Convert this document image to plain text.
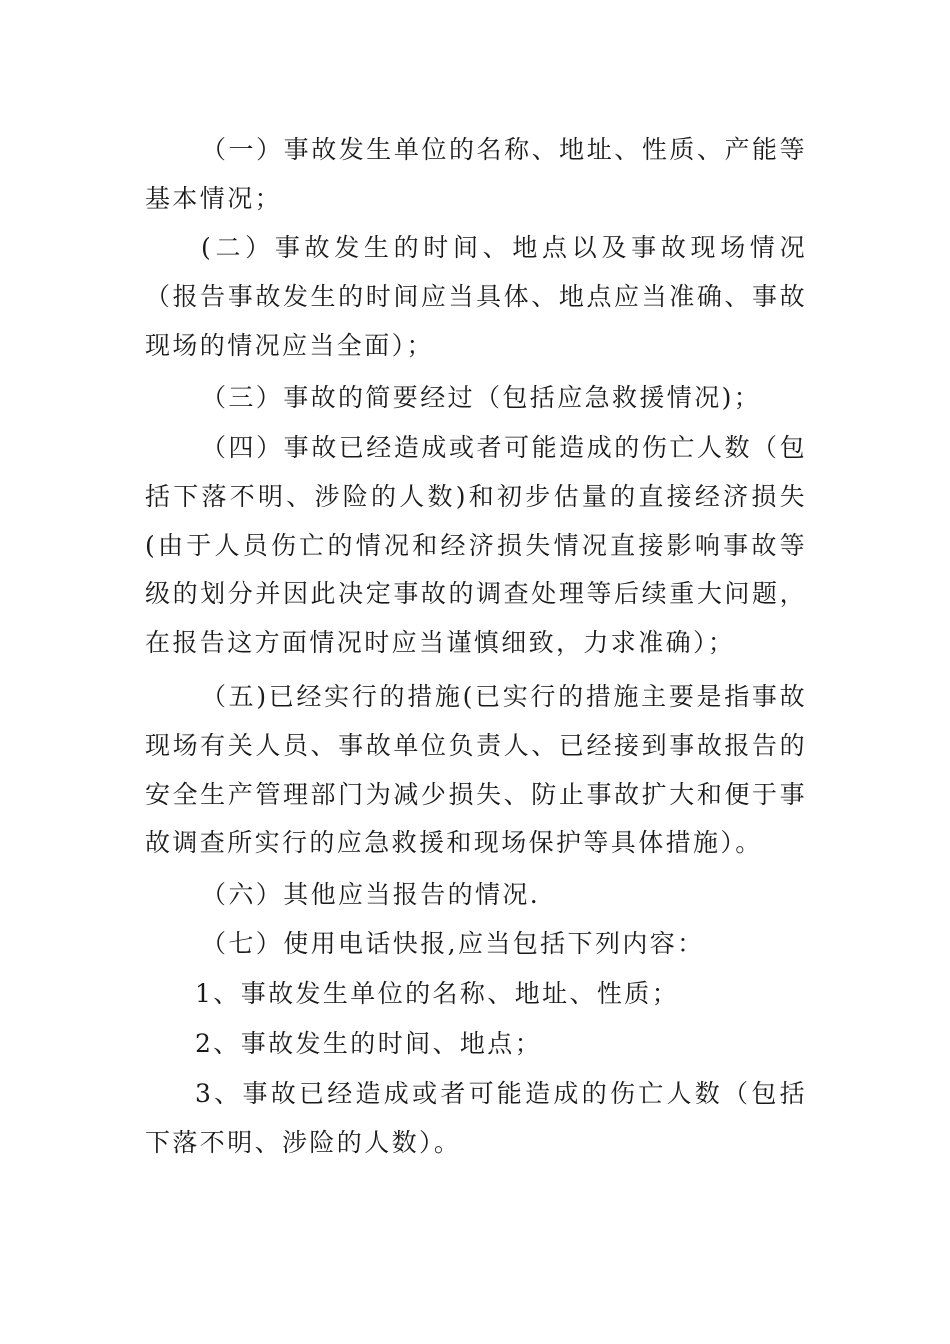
（一）事故发生单位的名称、地址、性质、产能等基本情况；

(二）事故发生的时间、地点以及事故现场情况（报告事故发生的时间应当具体、地点应当准确、事故现场的情况应当全面）；

（三）事故的简要经过（包括应急救援情况)；

（四）事故已经造成或者可能造成的伤亡人数（包括下落不明、涉险的人数)和初步估量的直接经济损失(由于人员伤亡的情况和经济损失情况直接影响事故等级的划分并因此决定事故的调查处理等后续重大问题，在报告这方面情况时应当谨慎细致，力求准确）；

（五)已经实行的措施(已实行的措施主要是指事故现场有关人员、事故单位负责人、已经接到事故报告的安全生产管理部门为减少损失、防止事故扩大和便于事故调查所实行的应急救援和现场保护等具体措施）。

（六）其他应当报告的情况.

（七）使用电话快报,应当包括下列内容：

1、事故发生单位的名称、地址、性质；

2、事故发生的时间、地点；

3、事故已经造成或者可能造成的伤亡人数（包括下落不明、涉险的人数）。
